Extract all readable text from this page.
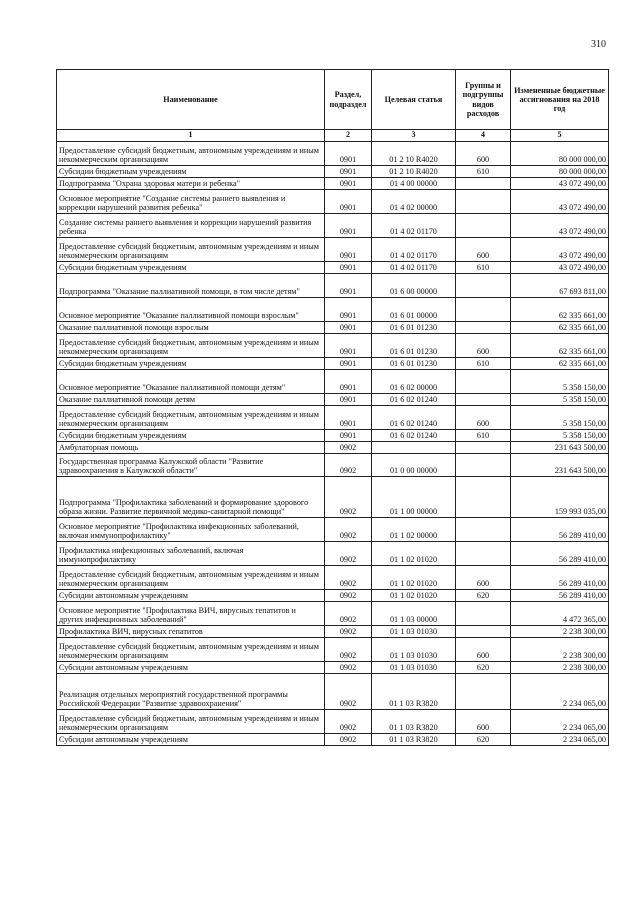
310
Наименование	Раздел, подраздел	Целевая статья	Группы и подгруппы видов расходов	Измененные бюджетные ассигнования на 2018 год
1	2	3	4	5
Предоставление субсидий бюджетным, автономным учреждениям и иным некоммерческим организациям	0901	01 2 10 R4020	600	80 000 000,00
Субсидии бюджетным учреждениям	0901	01 2 10 R4020	610	80 000 000,00
Подпрограмма "Охрана здоровья матери и ребенка"	0901	01 4 00 00000		43 072 490,00
Основное мероприятие "Создание системы раннего выявления и коррекции нарушений развития ребенка"	0901	01 4 02 00000		43 072 490,00
Создание системы раннего выявления и коррекции нарушений развития ребенка	0901	01 4 02 01170		43 072 490,00
Предоставление субсидий бюджетным, автономным учреждениям и иным некоммерческим организациям	0901	01 4 02 01170	600	43 072 490,00
Субсидии бюджетным учреждениям	0901	01 4 02 01170	610	43 072 490,00
Подпрограмма "Оказание паллиативной помощи, в том числе детям"	0901	01 6 00 00000		67 693 811,00
Основное мероприятие "Оказание паллиативной помощи взрослым"	0901	01 6 01 00000		62 335 661,00
Оказание паллиативной помощи взрослым	0901	01 6 01 01230		62 335 661,00
Предоставление субсидий бюджетным, автономным учреждениям и иным некоммерческим организациям	0901	01 6 01 01230	600	62 335 661,00
Субсидии бюджетным учреждениям	0901	01 6 01 01230	610	62 335 661,00
Основное мероприятие "Оказание паллиативной помощи детям"	0901	01 6 02 00000		5 358 150,00
Оказание паллиативной помощи детям	0901	01 6 02 01240		5 358 150,00
Предоставление субсидий бюджетным, автономным учреждениям и иным некоммерческим организациям	0901	01 6 02 01240	600	5 358 150,00
Субсидии бюджетным учреждениям	0901	01 6 02 01240	610	5 358 150,00
Амбулаторная помощь	0902			231 643 500,00
Государственная программа Калужской области "Развитие здравоохранения в Калужской области"	0902	01 0 00 00000		231 643 500,00
Подпрограмма "Профилактика заболеваний и формирование здорового образа жизни. Развитие первичной медико-санитарной помощи"	0902	01 1 00 00000		159 993 035,00
Основное мероприятие "Профилактика инфекционных заболеваний, включая иммунопрофилактику"	0902	01 1 02 00000		56 289 410,00
Профилактика инфекционных заболеваний, включая иммунопрофилактику	0902	01 1 02 01020		56 289 410,00
Предоставление субсидий бюджетным, автономным учреждениям и иным некоммерческим организациям	0902	01 1 02 01020	600	56 289 410,00
Субсидии автономным учреждениям	0902	01 1 02 01020	620	56 289 410,00
Основное мероприятие "Профилактика ВИЧ, вирусных гепатитов и других инфекционных заболеваний"	0902	01 1 03 00000		4 472 365,00
Профилактика ВИЧ, вирусных гепатитов	0902	01 1 03 01030		2 238 300,00
Предоставление субсидий бюджетным, автономным учреждениям и иным некоммерческим организациям	0902	01 1 03 01030	600	2 238 300,00
Субсидии автономным учреждениям	0902	01 1 03 01030	620	2 238 300,00
Реализация отдельных мероприятий государственной программы Российской Федерации "Развитие здравоохранения"	0902	01 1 03 R3820		2 234 065,00
Предоставление субсидий бюджетным, автономным учреждениям и иным некоммерческим организациям	0902	01 1 03 R3820	600	2 234 065,00
Субсидии автономным учреждениям	0902	01 1 03 R3820	620	2 234 065,00
